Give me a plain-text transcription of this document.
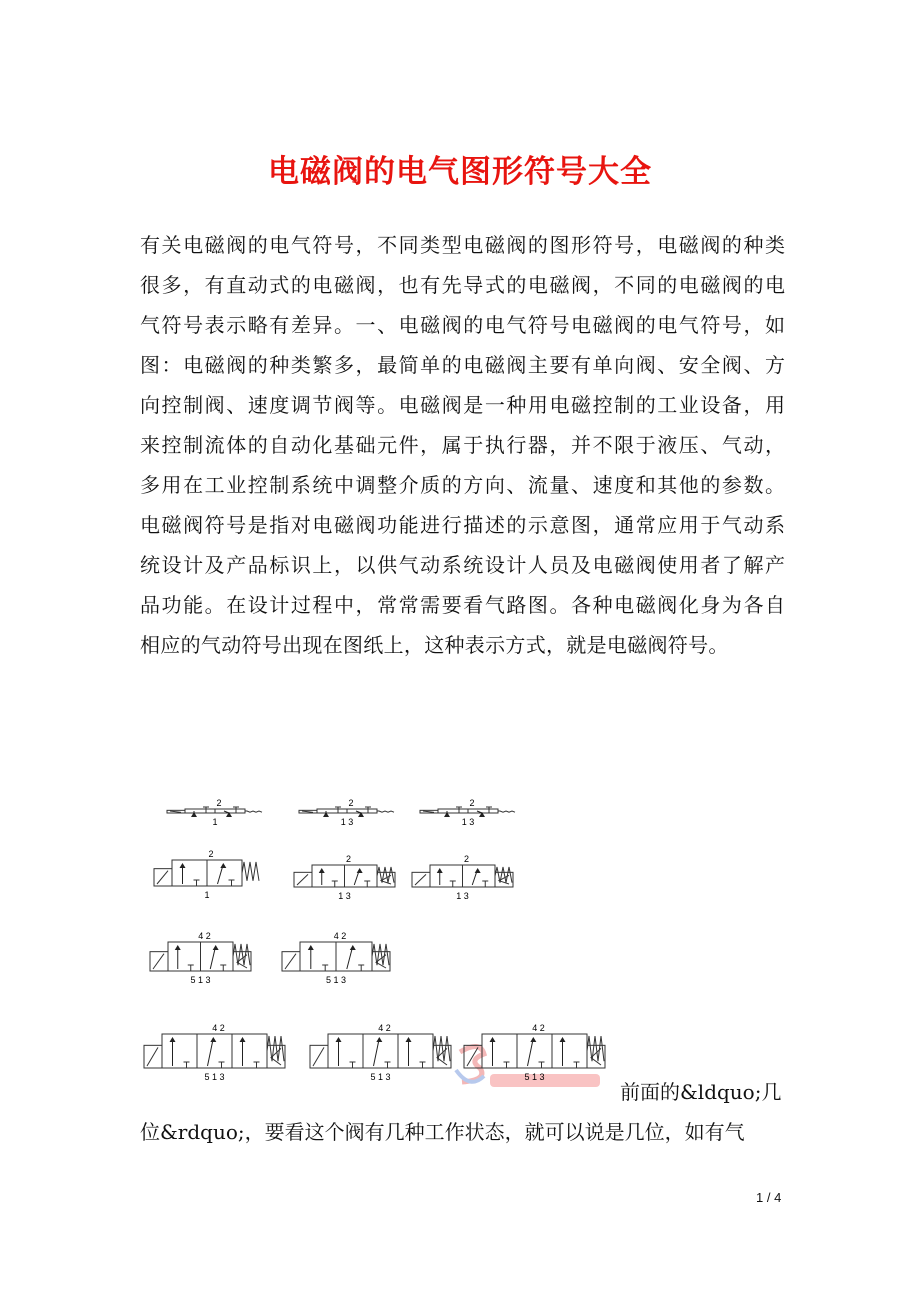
电磁阀的电气图形符号大全
有关电磁阀的电气符号，不同类型电磁阀的图形符号，电磁阀的种类
很多，有直动式的电磁阀，也有先导式的电磁阀，不同的电磁阀的电
气符号表示略有差异。一、电磁阀的电气符号电磁阀的电气符号，如
图：电磁阀的种类繁多，最简单的电磁阀主要有单向阀、安全阀、方
向控制阀、速度调节阀等。电磁阀是一种用电磁控制的工业设备，用
来控制流体的自动化基础元件，属于执行器，并不限于液压、气动，
多用在工业控制系统中调整介质的方向、流量、速度和其他的参数。
电磁阀符号是指对电磁阀功能进行描述的示意图，通常应用于气动系
统设计及产品标识上，以供气动系统设计人员及电磁阀使用者了解产
品功能。在设计过程中，常常需要看气路图。各种电磁阀化身为各自
相应的气动符号出现在图纸上，这种表示方式，就是电磁阀符号。
2
1
2
1 3
2
1 3
2
1
2
1 3
2
1 3
4 2
5 1 3
4 2
5 1 3
4 2
5 1 3
4 2
5 1 3
4 2
5 1 3
前面的&ldquo;几
位&rdquo;，要看这个阀有几种工作状态，就可以说是几位，如有气
1 / 4
